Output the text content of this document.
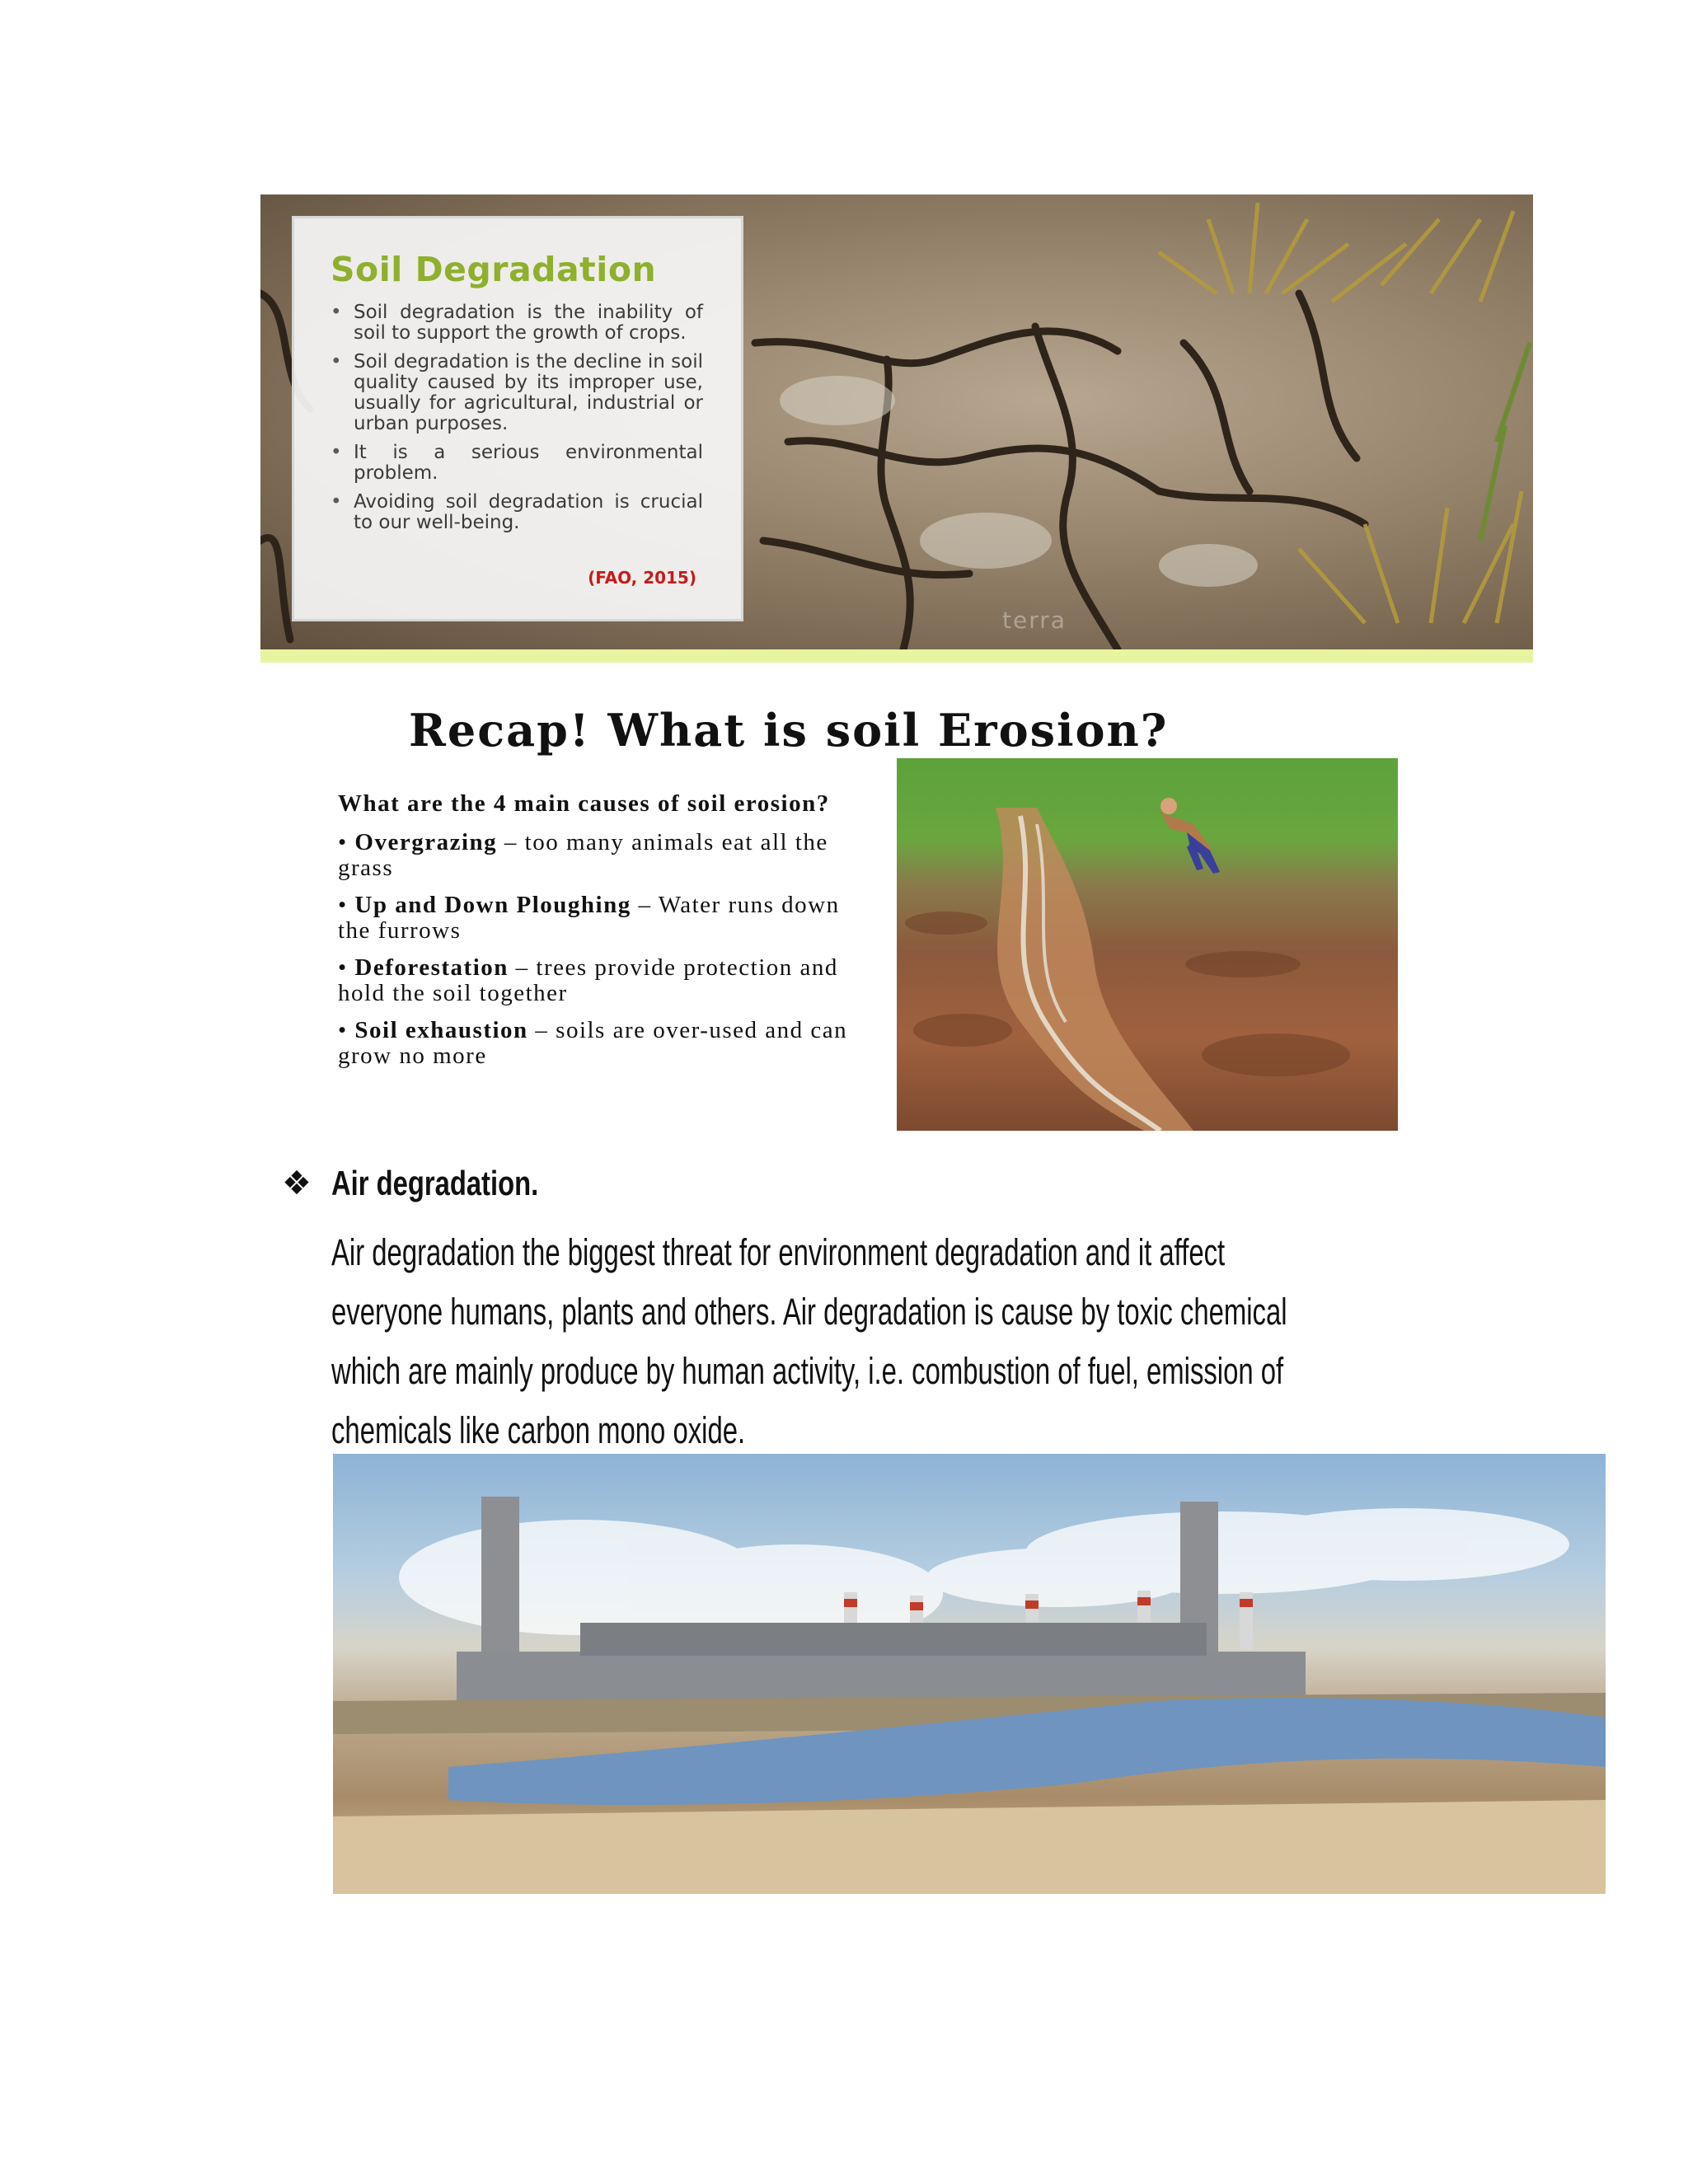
Soil Degradation
• Soil degradation is the inability of soil to support the growth of crops.
• Soil degradation is the decline in soil quality caused by its improper use, usually for agricultural, industrial or urban purposes.
• It is a serious environmental problem.
• Avoiding soil degradation is crucial to our well-being.
(FAO, 2015)
terra
Recap! What is soil Erosion?

What are the 4 main causes of soil erosion?

• Overgrazing – too many animals eat all the grass

• Up and Down Ploughing – Water runs down the furrows

• Deforestation – trees provide protection and hold the soil together

• Soil exhaustion – soils are over-used and can grow no more

❖ Air degradation.

Air degradation the biggest threat for environment degradation and it affect

everyone humans, plants and others. Air degradation is cause by toxic chemical

which are mainly produce by human activity, i.e. combustion of fuel, emission of

chemicals like carbon mono oxide.
